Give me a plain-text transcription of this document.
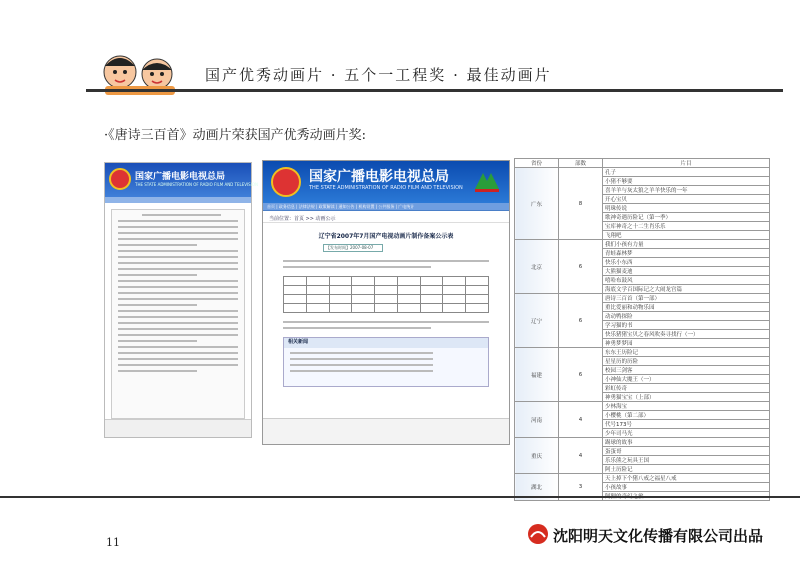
国产优秀动画片 · 五个一工程奖 · 最佳动画片
·《唐诗三百首》动画片荣获国产优秀动画片奖:
国家广播电影电视总局
THE STATE ADMINISTRATION OF RADIO FILM AND TELEVISION	国家广播电影电视总局
THE STATE ADMINISTRATION OF RADIO FILM AND TELEVISION
首页 | 政务信息 | 法律法规 | 政策解读 | 通知公告 | 机构设置 | 公共服务 | 广电统计
当前位置：首页 >> 动画公示
辽宁省2007年7月国产电视动画片制作备案公示表
【发布时间】2007-08-07

相关新闻
省份	部数	片目
广东	8	孔子
		小猪不够要
		喜羊羊与灰太狼之羊羊快乐的一年
		开心宝贝
		明珠传说
		歌神奇遇历险记（第一季）
		宝库神奇之十二生肖乐乐
		飞翔吧
北京	6	我们小孩有力量
		青蛙森林梦
		快乐小东西
		大熊猫麦迪
		嘻哈布鼓风
		海底文学百国际记之大闹龙宫篇
辽宁	6	唐诗三百首（第一部）
		重比爱丽和动物乐园
		动动鸭探险
		学习猫的书
		快乐猪猪宝贝之春风吹奏寻找行（一）
		神勇梦梦园
福建	6	东东王历险记
		星星历的历险
		校园三剑客
		小神仙大魔王（一）
		彩虹传奇
		神勇猫宝宝（上部）
河南	4	少林海宝
		小樱桃（第二部）
		代号173号
		少年司马光
重庆	4	踢球的故事
		蛋蛋哥
		乐乐熊之玩具王国
		阿土历险记
湖北	3	天上掉下个猪八戒之福星八戒
		小孩故事

11	沈阳明天文化传播有限公司出品
